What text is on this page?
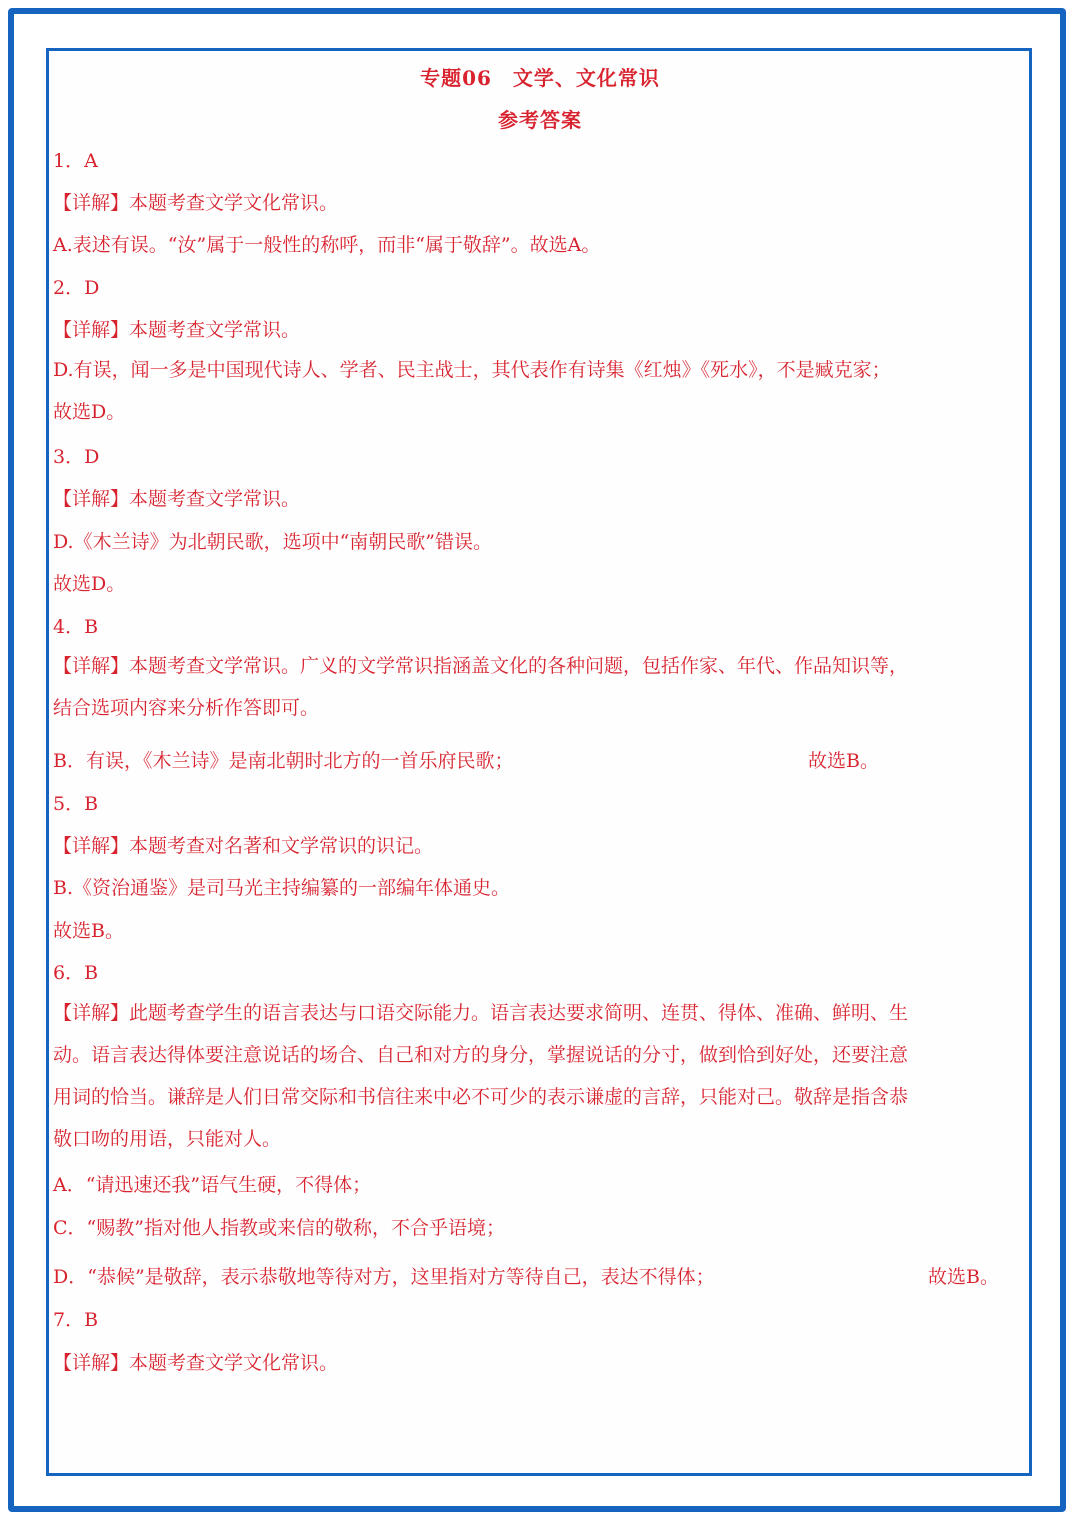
专题06　文学、文化常识
参考答案
1．A
【详解】本题考查文学文化常识。
A.表述有误。“汝”属于一般性的称呼，而非“属于敬辞”。故选A。
2．D
【详解】本题考查文学常识。
D.有误，闻一多是中国现代诗人、学者、民主战士，其代表作有诗集《红烛》《死水》，不是臧克家；
故选D。
3．D
【详解】本题考查文学常识。
D.《木兰诗》为北朝民歌，选项中“南朝民歌”错误。
故选D。
4．B
【详解】本题考查文学常识。广义的文学常识指涵盖文化的各种问题，包括作家、年代、作品知识等，
结合选项内容来分析作答即可。
B．有误，《木兰诗》是南北朝时北方的一首乐府民歌；	故选B。
5．B
【详解】本题考查对名著和文学常识的识记。
B.《资治通鉴》是司马光主持编纂的一部编年体通史。
故选B。
6．B
【详解】此题考查学生的语言表达与口语交际能力。语言表达要求简明、连贯、得体、准确、鲜明、生
动。语言表达得体要注意说话的场合、自己和对方的身分，掌握说话的分寸，做到恰到好处，还要注意
用词的恰当。谦辞是人们日常交际和书信往来中必不可少的表示谦虚的言辞，只能对己。敬辞是指含恭
敬口吻的用语，只能对人。
A．“请迅速还我”语气生硬，不得体；
C．“赐教”指对他人指教或来信的敬称，不合乎语境；
D．“恭候”是敬辞，表示恭敬地等待对方，这里指对方等待自己，表达不得体；	故选B。
7．B
【详解】本题考查文学文化常识。
